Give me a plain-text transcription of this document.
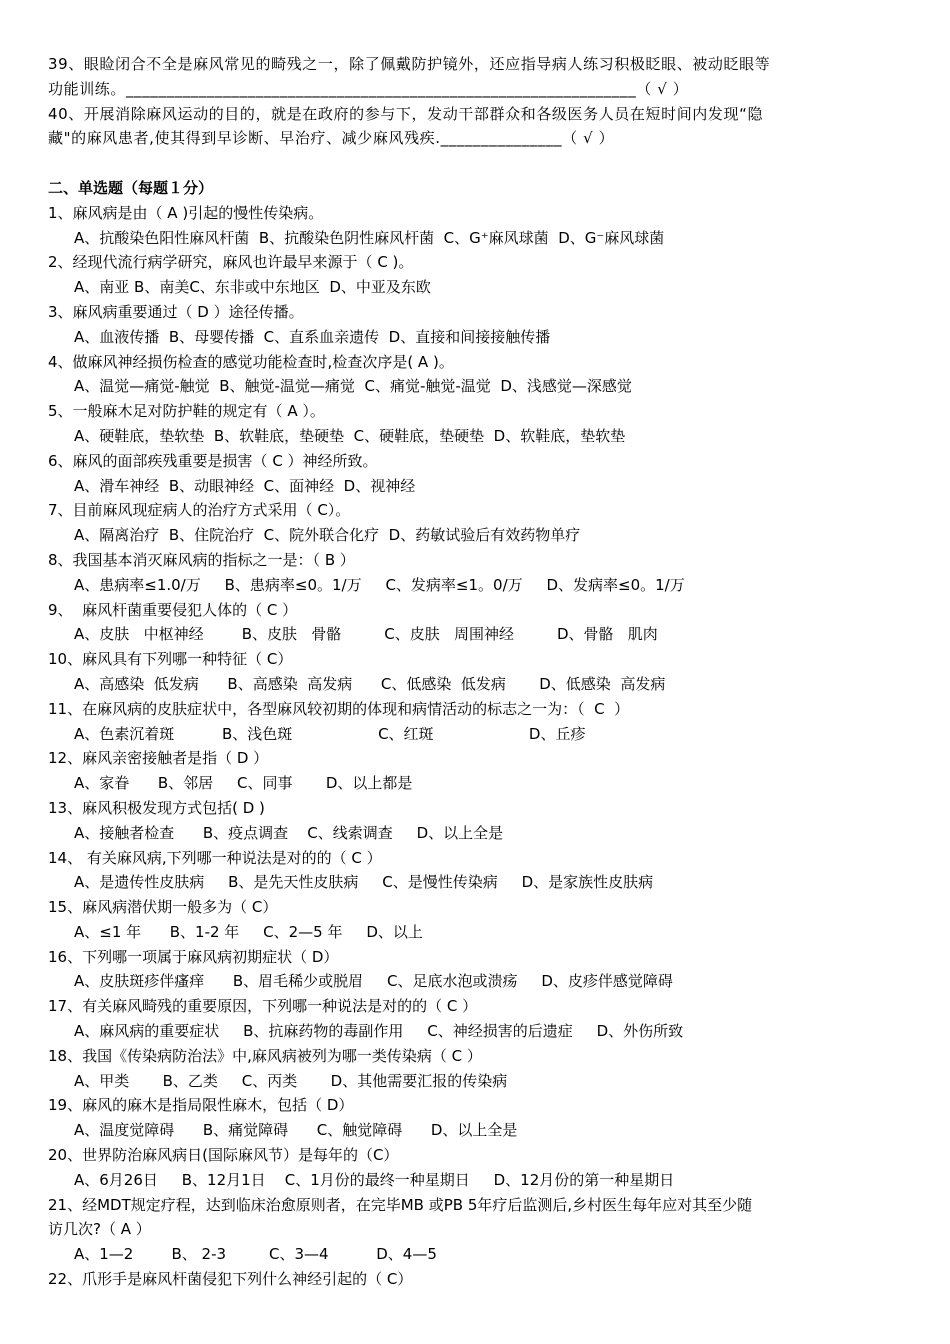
39、眼睑闭合不全是麻风常见的畸残之一，除了佩戴防护镜外，还应指导病人练习积极眨眼、被动眨眼等
功能训练。_______________________________________________________________（ √ ）
40、开展消除麻风运动的目的，就是在政府的参与下，发动干部群众和各级医务人员在短时间内发现“隐
藏"的麻风患者,使其得到早诊断、早治疗、减少麻风残疾._______________（ √ ）
二、单选题（每题１分）
1、麻风病是由（ A )引起的慢性传染病。
A、抗酸染色阳性麻风杆菌  B、抗酸染色阴性麻风杆菌  C、G⁺麻风球菌  D、G⁻麻风球菌
2、经现代流行病学研究，麻风也许最早来源于（ C )。
A、南亚 B、南美C、东非或中东地区  D、中亚及东欧
3、麻风病重要通过（ D ）途径传播。
A、血液传播  B、母婴传播  C、直系血亲遗传  D、直接和间接接触传播
4、做麻风神经损伤检查的感觉功能检查时,检查次序是( A )。
A、温觉—痛觉-触觉  B、触觉-温觉—痛觉  C、痛觉-触觉-温觉  D、浅感觉—深感觉
5、一般麻木足对防护鞋的规定有（ A ）。
A、硬鞋底，垫软垫  B、软鞋底，垫硬垫  C、硬鞋底，垫硬垫  D、软鞋底，垫软垫
6、麻风的面部疾残重要是损害（ C ）神经所致。
A、滑车神经  B、动眼神经  C、面神经  D、视神经
7、目前麻风现症病人的治疗方式采用（ C）。
A、隔离治疗  B、住院治疗  C、院外联合化疗  D、药敏试验后有效药物单疗
8、我国基本消灭麻风病的指标之一是：（ B ）
A、患病率≤1.0/万     B、患病率≤0。1/万     C、发病率≤1。0/万     D、发病率≤0。1/万
9、  麻风杆菌重要侵犯人体的（ C ）
A、皮肤   中枢神经        B、皮肤   骨骼         C、皮肤   周围神经         D、骨骼   肌肉
10、麻风具有下列哪一种特征（ C）
A、高感染  低发病      B、高感染  高发病      C、低感染  低发病       D、低感染  高发病
11、在麻风病的皮肤症状中，各型麻风较初期的体现和病情活动的标志之一为：（  C  ）
A、色素沉着斑          B、浅色斑                  C、红斑                    D、丘疹
12、麻风亲密接触者是指（ D ）
A、家眷      B、邻居     C、同事       D、以上都是
13、麻风积极发现方式包括( D )
A、接触者检查      B、疫点调查    C、线索调查     D、以上全是
14、 有关麻风病,下列哪一种说法是对的的（ C ）
A、是遗传性皮肤病     B、是先天性皮肤病     C、是慢性传染病     D、是家族性皮肤病
15、麻风病潜伏期一般多为（ C）
A、≤1 年      B、1-2 年     C、2—5 年     D、以上
16、下列哪一项属于麻风病初期症状（ D）
A、皮肤斑疹伴瘙痒      B、眉毛稀少或脱眉     C、足底水泡或溃疡     D、皮疹伴感觉障碍
17、有关麻风畸残的重要原因，下列哪一种说法是对的的（ C ）
A、麻风病的重要症状     B、抗麻药物的毒副作用     C、神经损害的后遗症     D、外伤所致
18、我国《传染病防治法》中,麻风病被列为哪一类传染病（ C ）
A、甲类       B、乙类     C、丙类       D、其他需要汇报的传染病
19、麻风的麻木是指局限性麻木，包括（ D）
A、温度觉障碍      B、痛觉障碍      C、触觉障碍      D、以上全是
20、世界防治麻风病日(国际麻风节）是每年的（C）
A、6月26日     B、12月1日    C、1月份的最终一种星期日     D、12月份的第一种星期日
21、经MDT规定疗程，达到临床治愈原则者，在完毕MB 或PB 5年疗后监测后,乡村医生每年应对其至少随
访几次?（ A ）
A、1—2        B、 2-3         C、3—4          D、4—5
22、爪形手是麻风杆菌侵犯下列什么神经引起的（ C）
